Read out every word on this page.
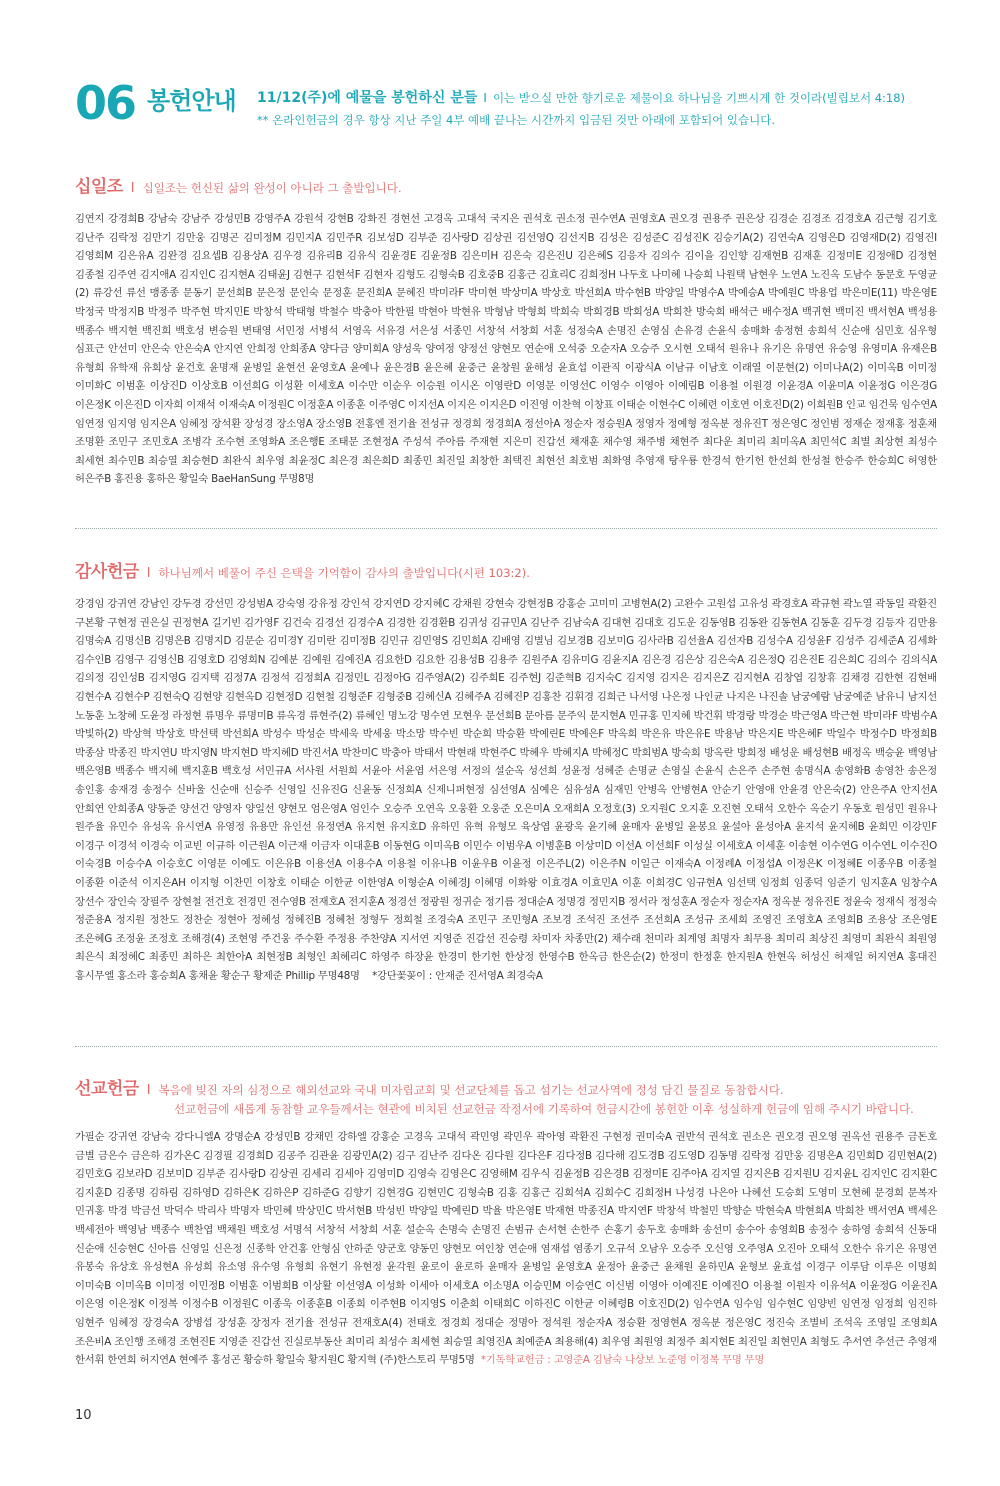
06 봉헌안내 11/12(주)에 예물을 봉헌하신 분들 I 이는 받으실 만한 향기로운 제물이요 하나님을 기쁘시게 한 것이라(빌립보서 4:18)
** 온라인헌금의 경우 항상 지난 주일 4부 예배 끝나는 시간까지 입금된 것만 아래에 포함되어 있습니다.
십일조 I 십일조는 헌신된 삶의 완성이 아니라 그 출발입니다.
김연지 강경희B 강남숙 강남주 강성민B 강영주A 강원석 강현B 강화진 경현선 고경옥 고대석 국지은 권석호 권소정 권수연A 권영호A 권오경 권용주 권은상 김경순 김경조 김경호A 김근형 김기호 김난주 김락정 김만기 김만웅 김명곤 김미정M 김민지A 김민주R 김보성D 김부준 김사랑D 김상권 김선영Q 김선지B 김성은 김성준C 김성진K 김승기A(2) 김연숙A 김영은D 김영재D(2) 김영진I 김영희M 김은유A 김완경 김요셉B 김용상A 김우경 김유리B 김유식 김윤경E 김윤정B 김은미H 김은숙 김은진U 김은혜S 김응자 김의수 김이을 김인향 김재현B 김재훈 김정미E 김정애D 김정현 김종철 김주연 김지애A 김지인C 김지현A 김태윤J 김현구 김현석F 김현자 김형도 김형숙B 김호중B 김홍근 김효리C 김희정H 나두호 나미혜 나승희 나원택 남현우 노연A 노진옥 도남수 동문호 두영균(2) 류강선 류선 맹종종 문동기 문선희B 문은정 문인숙 문정훈 문진희A 문혜진 박미라F 박미현 박상미A 박상호 박선희A 박수현B 박양일 박영수A 박예승A 박예원C 박용업 박은미E(11) 박은영E 박정국 박정지B 박정주 박주현 박지민E 박창석 박태형 박철수 박충아 박한필 박현아 박현유 박형남 박형희 박희숙 박희경B 박희성A 박희찬 방숙희 배석근 배수정A 백귀현 백미진 백서현A 백성용 백종수 백지현 백진희 백호성 변승원 변태영 서민정 서병석 서영옥 서유경 서은성 서종민 서창석 서창희 서훈 성정숙A 손명진 손영심 손유경 손윤식 송매화 송정현 송희석 신순애 심민호 심우형 심표근 안선미 안은숙 안은숙A 안지연 안희정 안희종A 양다금 양미희A 양성욱 양여정 양정선 양현모 연순애 오석중 오순자A 오승주 오시현 오태석 원유나 유기은 유명연 유승영 유영미A 유재은B 유형희 유학재 유희상 윤건호 윤명재 윤병일 윤현선 윤영호A 윤예나 윤은경B 윤은혜 윤중근 윤창원 윤해성 윤효섭 이관직 이광식A 이남규 이남호 이래열 이문현(2) 이미나A(2) 이미옥B 이미정 이미화C 이범훈 이상진D 이상호B 이선희G 이성환 이세호A 이수만 이순우 이승원 이시온 이영란D 이영문 이영선C 이영수 이영아 이예림B 이용철 이원경 이윤경A 이윤미A 이윤정G 이은경G 이은정K 이은진D 이자희 이재석 이재숙A 이정원C 이정훈A 이종훈 이주영C 이지선A 이지은 이지은D 이진영 이찬혁 이창표 이태순 이현수C 이혜련 이호연 이호진D(2) 이희원B 인교 임건묵 임수연A 임연정 임지영 임지은A 임혜정 장석환 장성경 장소영A 장소영B 전홍엔 전기율 전성규 정경희 정경희A 정선아A 정순자 정승원A 정영자 정예형 정옥분 정유진T 정은영C 정인범 정재순 정재홍 정훈채 조명환 조민구 조민호A 조병각 조수현 조영화A 조은행E 조태문 조현정A 주성석 주아름 주재현 지은미 진갑선 채재훈 채수영 채주병 채현주 최다운 최미리 최미옥A 최민석C 최별 최상현 최성수 최세현 최수민B 최승열 최승현D 최완식 최우영 최윤정C 최은경 최은희D 최종민 최진일 최창한 최택진 최현선 최호범 최화영 추영재 탕우룡 한경석 한기헌 한선희 한성철 한승주 한승희C 허영한 허은주B 홍진용 홍하은 황일숙 BaeHanSung 무명8명
감사헌금 I 하나님께서 베풀어 주신 은택을 기억함이 감사의 출발입니다(시편 103:2).
강경임 강귀연 강남인 강두경 강선민 강성범A 강숙영 강유정 강인석 강지연D 강지혜C 강채원 강현숙 강현정B 강홍순 고미미 고병현A(2) 고완수 고원섭 고유성 곽경호A 곽규현 곽노열 곽동일 곽환진 구본황 구현정 권은실 권정현A 길기빈 김가영F 김건숙 김경선 김경수A 김경한 김경환B 김귀성 김규민A 김난주 김남숙A 김대현 김대호 김도운 김동영B 김동완 김동현A 김동훈 김두경 김등자 김만용 김명숙A 김명신B 김명은B 김명지D 김문순 김미경Y 김미란 김미정B 김민규 김민영S 김민희A 김배영 김별님 김보경B 김보미G 김사라B 김선율A 김선자B 김성수A 김성윤F 김성주 김세준A 김세화 김수인B 김영구 김영신B 김영호D 김영희N 김예분 김예원 김예진A 김요한D 김요한 김용성B 김용주 김원주A 김유미G 김윤지A 김은경 김은상 김은숙A 김은정Q 김은진E 김은희C 김의수 김의식A 김의정 김인성B 김지영G 김지택 김정7A 김정석 김정희A 김정민L 김정아G 김주영A(2) 김주희E 김주현J 김준혁B 김지숙C 김지영 김지은 김지은Z 김지현A 김창엽 김창휴 김채경 김한현 김현배 김현수A 김현수P 김현숙Q 김현양 김현옥D 김현정D 김현철 김형준F 김형중B 김혜신A 김혜주A 김혜진P 김홍찬 김휘경 김희근 나서영 나은정 나인균 나지은 나진솔 남궁예람 남궁예준 남유니 남지선 노동훈 노창혜 도윤정 라정현 류명우 류명미B 류옥경 류현주(2) 류혜인 명노강 명수연 모현우 문선희B 문아름 문주익 문지현A 민규홍 민지혜 박건휘 박경랑 박경순 박근영A 박근현 박미라F 박범수A 박빛하(2) 박상혁 박상호 박선택 박선희A 박성수 박성순 박세욱 박세웅 박소망 박수빈 박순희 박승환 박예린E 박예은F 박옥희 박은유 박은유E 박용남 박은지E 박은혜F 박일수 박정수D 박정희B 박종삼 박종진 박지연U 박지영N 박지현D 박지혜D 박진서A 박찬미C 박충아 박태서 박현래 박현주C 박혜우 박혜지A 박혜정C 박희범A 방숙희 방옥란 방희정 배성운 배성현B 배정옥 백승윤 백영남 백은영B 백종수 백지혜 백지훈B 백호성 서민규A 서사원 서원희 서윤아 서윤엽 서은영 서정의 설순옥 성선희 성윤정 성혜준 손명균 손영실 손윤식 손은주 손주현 송명식A 송영화B 송영찬 송은정 송인홍 송재경 송정수 신바울 신순애 신승주 신영일 신유진G 신윤동 신정희A 신제니퍼현정 심선영A 심예은 심유성A 심재민 안병옥 안병현A 안순기 안영애 안윤경 안은숙(2) 안은주A 안지선A 안희연 안희종A 양동준 양선건 양영자 양일선 양현모 엄은영A 엄인수 오승주 오연옥 오웅환 오웅준 오은미A 오재희A 오정호(3) 오지원C 오지훈 오진현 오태석 오한수 옥순기 우동호 원성민 원유나 원주율 유민수 유성옥 유시연A 유영정 유용만 유인선 유정연A 유지현 유지호D 유하민 유혁 유형모 육상엽 윤광욱 윤기혜 윤매자 윤병일 윤봉요 윤설아 윤성아A 윤지석 윤지혜B 윤희민 이강민F 이경구 이경석 이경숙 이교빈 이규하 이근원A 이근재 이금자 이대훈B 이동현G 이미옥B 이민수 이범우A 이병훈B 이상미D 이선A 이선희F 이성실 이세호A 이세훈 이송현 이수연G 이수연L 이수진O 이숙경B 이승수A 이승호C 이영문 이예도 이은유B 이용선A 이용수A 이용철 이유나B 이윤우B 이윤정 이은주L(2) 이은주N 이일근 이재숙A 이정례A 이정섭A 이정은K 이정혜E 이종우B 이종철 이종환 이준석 이지은AH 이지형 이찬민 이창호 이태순 이한균 이한영A 이형순A 이혜경J 이혜명 이화왕 이효경A 이효민A 이훈 이희경C 임규현A 임선택 임정희 임종덕 임준기 임지훈A 임창수A 장선수 장인숙 장필주 장현철 전건호 전경민 전수영B 전재호A 전지훈A 정경선 정광원 정귀순 정기름 정대순A 정명경 정민지B 정서라 정성훈A 정순자 정순자A 정옥분 정유진E 정윤숙 정재식 정정숙 정준용A 정지원 정찬도 정찬순 정현아 정혜성 정혜진B 정혜천 정형두 정희철 조경숙A 조민구 조민형A 조보경 조석진 조선주 조선희A 조성규 조세희 조영진 조영호A 조영희B 조용상 조은영E 조은혜G 조정윤 조정호 조해경(4) 조현영 주건웅 주수환 주정용 주찬양A 지서연 지영준 진갑선 진승령 차미자 차종만(2) 채수래 천미라 최계영 최명자 최무용 최미리 최상진 최영미 최완식 최원영 최은식 최정혜C 최종민 최하은 최한아A 최현정B 최형인 최혜리C 하영주 하장윤 한경미 한기헌 한상정 한영수B 한옥금 한은순(2) 한정미 한정훈 한지원A 한현옥 허성신 허재일 허지연A 홍대진 홍시무엘 홍소라 홍승희A 홍채윤 황순구 황제준 Phillip 무명48명 *강단꽃꽂이 : 안재준 진서영A 최경숙A
선교헌금 I 복음에 빚진 자의 심정으로 해외선교와 국내 미자립교회 및 선교단체를 돕고 섬기는 선교사역에 정성 담긴 물질로 동참합시다.
선교헌금에 새롭게 동참할 교우들께서는 현관에 비치된 선교헌금 작정서에 기록하여 헌금시간에 봉헌한 이후 성실하게 헌금에 임해 주시기 바랍니다.
가필순 강귀연 강남숙 강다니엘A 강명순A 강성민B 강채민 강하엘 강홍순 고경옥 고대석 곽민영 곽민우 곽아영 곽환진 구현정 권미숙A 권반석 권석호 권소은 권오경 권오영 권옥선 권용주 금돈호 금별 금은수 금은하 김가온C 김경필 김경희D 김공주 김관윤 김광민A(2) 김구 김난주 김다온 김다원 김다은F 김다정B 김다해 김도경B 김도영D 김동명 김락정 김만웅 김명은A 김민희D 김민현A(2) 김민호G 김보라D 김보미D 김부준 김사랑D 김상권 김세리 김세아 김영미D 김영숙 김영은C 김영해M 김우식 김윤정B 김은경B 김정미E 김주아A 김지열 김지은B 김지원U 김지윤L 김지인C 김지환C 김지훈D 김종명 김하림 김하영D 김하은K 김하은P 김하준G 김향기 김현경G 김현민C 김형숙B 김홍 김홍근 김희석A 김희수C 김희정H 나성경 나은아 나혜선 도승희 도영미 모현혜 문경희 문복자 민귀홍 박경 박금선 박덕수 박리사 박명자 박민혜 박상민C 박서현B 박성빈 박양일 박예린D 박율 박은영E 박재현 박종진A 박지연F 박창석 박철민 박향순 박현숙A 박현희A 박희찬 백서연A 백세은 백세전아 백영남 백종수 백찬엽 백채원 백호성 서명석 서창석 서창희 서훈 설순옥 손명숙 손명진 손범규 손서현 손한주 손홍기 송두호 송매화 송선미 송수아 송영희B 송정수 송하영 송희석 신동대 신순애 신승현C 신아름 신영일 신은정 신종학 안건홍 안형심 안하준 양군호 양동민 양현모 여인창 연순애 염재섭 염종기 오규석 오남우 오승주 오신영 오주영A 오진아 오태석 오한수 유기은 유명연 유봉숙 유상호 유성현A 유성희 유소영 유수영 유형희 유현기 유현정 윤각원 윤로이 윤로하 윤매자 윤병일 윤영호A 윤정아 윤중근 윤채원 윤하민A 윤형보 윤효섭 이경구 이루담 이루은 이명희 이미숙B 이미옥B 이미정 이민정B 이범훈 이범희B 이상활 이선영A 이성화 이세아 이세호A 이소명A 이승민M 이승연C 이신범 이영아 이예진E 이예진O 이용철 이원자 이유석A 이윤정G 이윤진A 이은영 이은정K 이정복 이정수B 이정원C 이종욱 이종훈B 이종희 이주현B 이지영S 이춘희 이태희C 이하진C 이한균 이혜령B 이호진D(2) 임수연A 임수임 임수현C 임양빈 임연정 임정희 임진하 임현주 임혜정 장경숙A 장병섭 장성훈 장정자 전기율 전성규 전재호A(4) 전태호 정경희 정대순 정명아 정석원 정순자A 정승환 정영현A 정옥분 정은영C 정진숙 조별비 조석옥 조영일 조영희A 조은비A 조인행 조해경 조현진E 지영준 진갑선 진실로부동산 최미리 최성수 최세현 최승열 최영진A 최예준A 최용해(4) 최우영 최원영 최정주 최지현E 최진일 최현민A 최형도 추서연 추선근 추영재 한서휘 한연희 허지연A 현예주 홍성곤 황승하 황일숙 황지원C 황지혁 (주)한스토리 무명5명 *기독학교헌금 : 고영준A 김남숙 나상보 노준영 이정복 무명 무명
10
